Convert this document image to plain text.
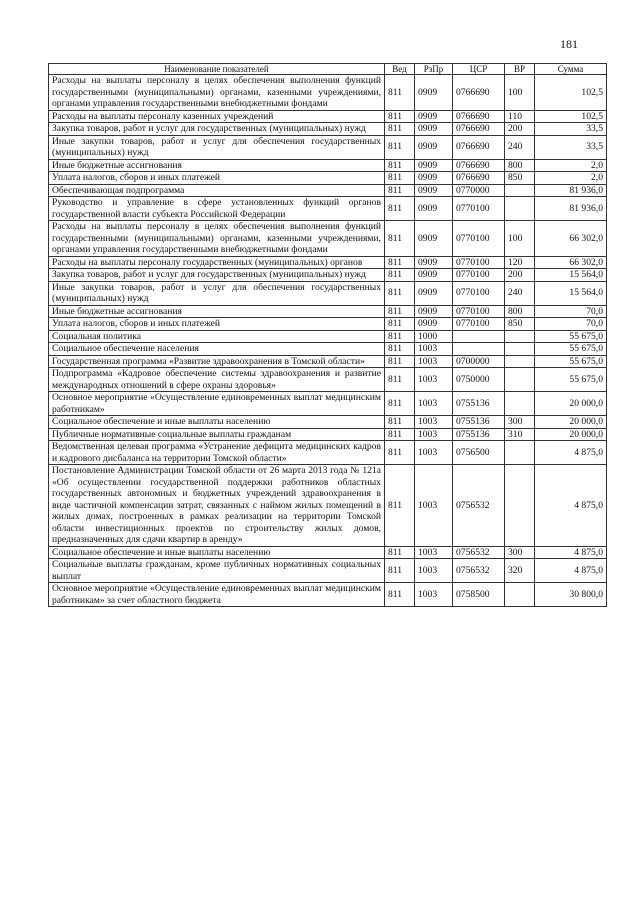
181
Наименование показателей	Вед	РзПр	ЦСР	ВР	Сумма
Расходы на выплаты персоналу в целях обеспечения выполнения функций государственными (муниципальными) органами, казенными учреждениями, органами управления государственными внебюджетными фондами	811	0909	0766690	100	102,5
Расходы на выплаты персоналу казенных учреждений	811	0909	0766690	110	102,5
Закупка товаров, работ и услуг для государственных (муниципальных) нужд	811	0909	0766690	200	33,5
Иные закупки товаров, работ и услуг для обеспечения государственных (муниципальных) нужд	811	0909	0766690	240	33,5
Иные бюджетные ассигнования	811	0909	0766690	800	2,0
Уплата налогов, сборов и иных платежей	811	0909	0766690	850	2,0
Обеспечивающая подпрограмма	811	0909	0770000		81 936,0
Руководство и управление в сфере установленных функций органов государственной власти субъекта Российской Федерации	811	0909	0770100		81 936,0
Расходы на выплаты персоналу в целях обеспечения выполнения функций государственными (муниципальными) органами, казенными учреждениями, органами управления государственными внебюджетными фондами	811	0909	0770100	100	66 302,0
Расходы на выплаты персоналу государственных (муниципальных) органов	811	0909	0770100	120	66 302,0
Закупка товаров, работ и услуг для государственных (муниципальных) нужд	811	0909	0770100	200	15 564,0
Иные закупки товаров, работ и услуг для обеспечения государственных (муниципальных) нужд	811	0909	0770100	240	15 564,0
Иные бюджетные ассигнования	811	0909	0770100	800	70,0
Уплата налогов, сборов и иных платежей	811	0909	0770100	850	70,0
Социальная политика	811	1000			55 675,0
Социальное обеспечение населения	811	1003			55 675,0
Государственная программа «Развитие здравоохранения в Томской области»	811	1003	0700000		55 675,0
Подпрограмма «Кадровое обеспечение системы здравоохранения и развитие международных отношений в сфере охраны здоровья»	811	1003	0750000		55 675,0
Основное мероприятие «Осуществление единовременных выплат медицинским работникам»	811	1003	0755136		20 000,0
Социальное обеспечение и иные выплаты населению	811	1003	0755136	300	20 000,0
Публичные нормативные социальные выплаты гражданам	811	1003	0755136	310	20 000,0
Ведомственная целевая программа «Устранение дефицита медицинских кадров и кадрового дисбаланса на территории Томской области»	811	1003	0756500		4 875,0
Постановление Администрации Томской области от 26 марта 2013 года № 121а «Об осуществлении государственной поддержки работников областных государственных автономных и бюджетных учреждений здравоохранения в виде частичной компенсации затрат, связанных с наймом жилых помещений в жилых домах, построенных в рамках реализации на территории Томской области инвестиционных проектов по строительству жилых домов, предназначенных для сдачи квартир в аренду»	811	1003	0756532		4 875,0
Социальное обеспечение и иные выплаты населению	811	1003	0756532	300	4 875,0
Социальные выплаты гражданам, кроме публичных нормативных социальных выплат	811	1003	0756532	320	4 875,0
Основное мероприятие «Осуществление единовременных выплат медицинским работникам» за счет областного бюджета	811	1003	0758500		30 800,0
